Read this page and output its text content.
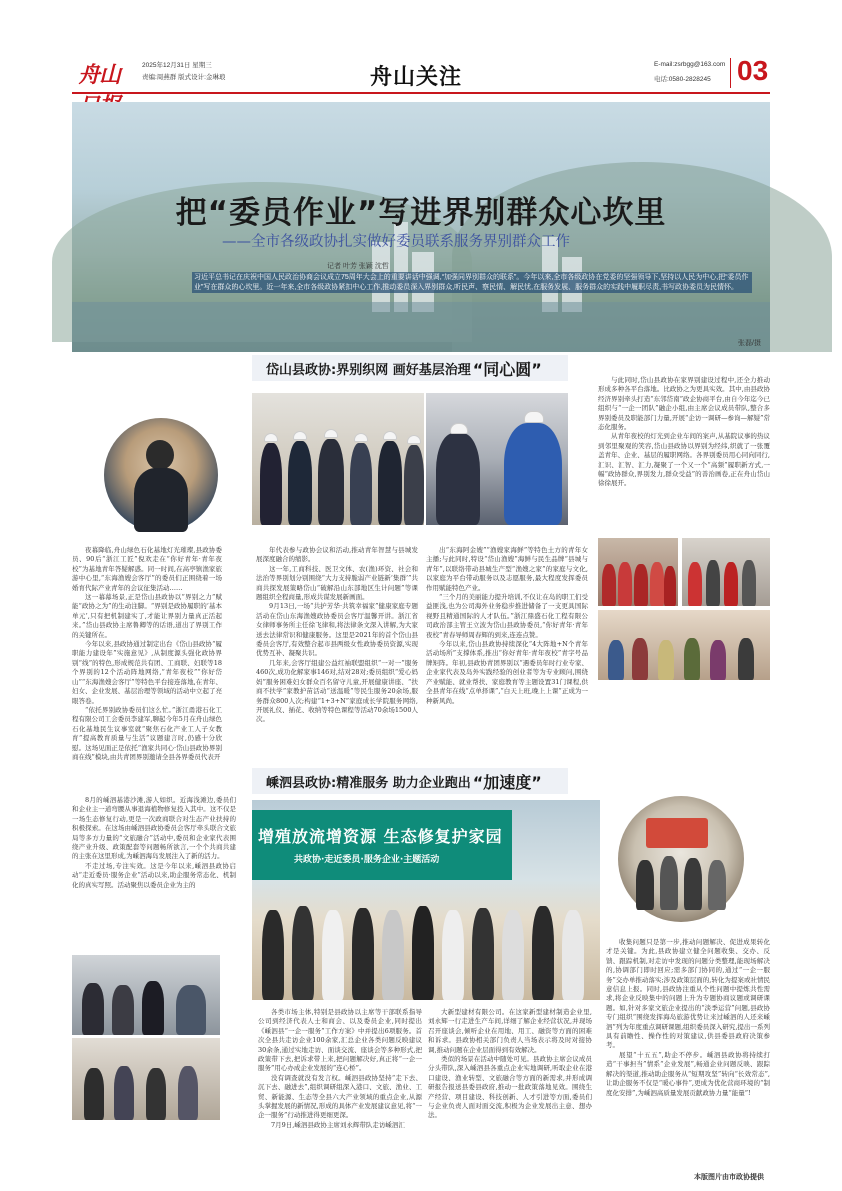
舟山	2025年12月31日 星期三
责编:周燕群 版式设计:金琳琅	舟山关注	E-mail:zsrbgg@163.com
电话:0580-2828245 03
把“委员作业”写进界别群众心坎里
——全市各级政协扎实做好委员联系服务界别群众工作
记者 叶芳 张颖 沈哲
习近平总书记在庆祝中国人民政治协商会议成立75周年大会上的重要讲话中强调,“加强同界别群众的联系”。今年以来,全市各级政协在党委的坚强领导下,坚持以人民为中心,把“委员作业”写在群众的心坎里。近一年来,全市各级政协紧扣中心工作,推动委员深入界别群众,听民声、察民情、解民忧,在服务发展、服务群众的实践中履职尽责,书写政协委员为民情怀。
张磊/摄
岱山县政协:界别织网 画好基层治理 “同心圆”

夜幕降临,舟山绿色石化基地灯光璀璨,县政协委员、90后“浙江工匠”倪欢走在“你好青年·青年夜校”为基地青年答疑解惑。同一时间,在高亭镇渔家旅游中心里,“东海渔嫂会客厅”的委员们正围绕着一场婚育代际产业青年的会议征集活动……

这一幕幕场景,正是岱山县政协以“界别之力”赋能“政协之为”的生动注脚。“界别是政协履职的‘基本单元’,只有把机制建实了,才能让界别力量真正活起来。”岱山县政协主席鲁卿等的话语,道出了界别工作的关键所在。

今年以来,县政协通过制定出台《岱山县政协“履职能力建设年”实施意见》,从制度源头强化政协界别“线”的特色,形成规范共有团、工商联、妇联等18个界别的12个活动阵地网络,“青年夜校”“你好岱山”“东海渔嫂会客厅”等特色平台接连落地,在青年、妇女、企业发展、基层治理等领域的活动中立起了亮眼答卷。

“依托界别政协委员们这么忙。”浙江甬港石化工程有限公司工会委员李建军,聊起今年5月在舟山绿色石化基地民生议事室就“聚焦石化产业工人子女教育”提高教育质量与生活”议题建言时,仍感十分欣慰。这场见面正是依托“渔家共同心·岱山县政协界别商在线”模块,由共青团界别邀请全县各界委员代表开

年代表参与政协会议和活动,推动青年智慧与县城发展深度融合的缩影。

这一年,工商科技、医卫文体、农(渔)环资、社会和法治等界别划分别围绕“大力支持脆弱产业链新‘集群’”共商共探发展策略岱山“破解沿山东部地区生计问题”等课题组织全程商量,形成共谋发展新画面。

9月13日,一场“共护芳华·共筑幸福家”健康家庭专题活动在岱山东海渔嫂政协委员会客厅温馨开讲。浙江省女律师事务所主任徐飞律和,将法律条文深入讲解,为大家送去法律常识和健康服务。这里是2021年的首个岱山县委员会客厅,有效整合起市县两级女性政协委员资源,实现优势互补、凝聚共识。

几年来,会客厅组建公益红袖联盟组织“一对一”服务460次,成功化解家事146对,结对28对;委员组织“爱心妈妈”服务困难妇女群众百名留守儿童,开展健康讲座、“扶商不扶学”家教护苗活动“送温暖”等民生服务20余场,服务群众800人次;构建“1+3+N”家庭成长学院服务网络,开展礼仪、插花、收纳等特色课程等活动70余场1500人次。

出“东海阿金嫂”“渔嫂家海鲜”等特色土方的青年女主播;与此同时,特设“岱山渔嫂”海鲜与民生品牌“县城与青年”,以联络带动县城生产型“渔嫂之家”的家庭与文化,以家庭为平台带动服务以及志愿服务,最大程度发挥委员作用赋能特色产业。

“三个月的美丽能力提升培训,不仅让在岛的职工们受益匪浅,也为公司海外业务稳步推进储备了一支更具国际视野且精通国际的人才队伍。”浙江鼎盛石化工程有限公司政治部主管王立波为岱山县政协委员,“你好青年·青年夜校”青春导师周春辉的到来,连连点赞。

今年以来,岱山县政协持续深化“4大阵地+N个青年活动场所”支撑体系,推出“你好青年·青年夜校”青字号品牌矩阵。年初,县政协青团界别以“遇委员年时行业专家、企业家代表及岛外实践经验的创业者等为专业顾问,围绕产业赋能、就业帮扶、家庭教育等主题设置31门课程,供全县青年在线“点单择课”,“白天上班,晚上上课”正成为一种新风尚。

与此同时,岱山县政协在家界别建设过程中,还全力推动形成多种各平台落地。比政协之为更具实效。其中,由县政协经济界别牵头打造“东邻岱南”政企协商平台,由自今年迄今已组织与“一企一团队”融企小组,由主席会议成员带队,整合多界别委员及职能部门力量,开展“企访一调研—参询—解疑”常态化服务。

从青年夜校的灯光到企业车间的案声,从基院议事的热议到邻里聚观的笑容,岱山县政协以界别为经纬,织就了一张覆盖青年、企业、基层的履职网络。各界别委员用心同向同行,汇识、汇智、汇力,凝聚了一个又一个“高频”履职新方式,一幅“政协群众,界别发力,群众受益”的善治画卷,正在舟山岱山徐徐展开。

嵊泗县政协:精准服务 助力企业跑出 “加速度”
增殖放流增资源 生态修复护家园
共政协·走近委员·服务企业·主题活动

8月的嵊泗基港沙滩,游人如织。近海浅滩边,委员们和企业主一道弯腰从事退海植物修复投入其中。这不仅是一场生态修复行动,更是一次政商联合对生态产业扶持的积极探索。在这场由嵊泗县政协委员会客厅牵头联合文旅局等多方力量的“文旅融合”活动中,委员和企业家代表围绕产业升级、政策配套等问题畅所欲言,一个个共商共建的主张在这里形成,为嵊泗海岛发展注入了新的活力。

不走过场,专注实效。这是今年以来,嵊泗县政协启动“走近委员·服务企业”活动以来,助企服务常态化、机制化的真实写照。活动聚焦以委员企业为主的

各类市场主体,特别是县政协以主席等干部联系指导公司到经济代表人士和商会、以及委员企业,同时提出《嵊泗县“一企一服务”工作方案》中并提出6项服务。首次全县共走访企业100余家,汇总企业各类问题反映建议30余条,通过实地走访、面谈交流、座谈会等多种形式,把政策带下去,把诉求带上来,把问题解决好,真正将“一企一服务”用心办成企业发展的“连心桥”。

没有调查就没有发言权。嵊泗县政协坚持“走下去、沉下去、融进去”,组织调研组深入港口、文旅、渔业、工贸、新能源、生态等全县六大产业领域的重点企业,从源头掌握发展的新情况,形成的具体产业发展建议意见,将“一企一服务”行动推进得更细更深。

7月9日,嵊泗县政协主席刘永辉带队走访嵊泗汇

大新型建材有限公司。在这家新型建材制造企业里,刘永辉一行走进生产车间,详细了解企业经营状况,并现场召开座谈会,倾听企业在用地、用工、融资等方面的困难和诉求。县政协相关部门负责人当场表示将及时对接协调,推动问题在企业层面得到有效解决。

类似的场景在活动中随处可见。县政协主席会议成员分头带队,深入嵊泗县各重点企业实地调研,听取企业在港口建设、渔业转型、文旅融合等方面的新需求,并形成调研报告报送县委县政府,推动一批政策落地见效。围绕生产经营、项目建设、科技创新、人才引进等方面,委员们与企业负责人面对面交流,积极为企业发展出主意、想办法。

收集问题只是第一步,推动问题解决、促进成果转化才是关键。为此,县政协建立健全问题收集、交办、反馈、跟踪机制,对走访中发现的问题分类整理,能现场解决的,协调部门即时回应;需多部门协同的,通过“一企一服务”交办单推动落实;涉及政策层面的,转化为提案或社情民意信息上报。同时,县政协注重从个性问题中提炼共性需求,将企业反映集中的问题上升为专题协商议题或调研课题。如,针对多家文旅企业提出的“淡季运营”问题,县政协专门组织“围绕发挥海岛旅游优势让来过嵊泗的人还来嵊泗”列为年度重点调研课题,组织委员深入研究,提出一系列具有前瞻性、操作性的对策建议,供县委县政府决策参考。

展望“十五五”,助企不停步。嵊泗县政协将持续打造“干事担当”情系“企业发展”,畅通企业问题反映、跟踪解决的渠道,推动助企服务从“短期攻坚”转向“长效常态”,让助企服务不仅是“暖心事件”,更成为优化营商环境的“制度化安排”,为嵊泗高质量发展贡献政协力量“能量”!

本版图片由市政协提供
